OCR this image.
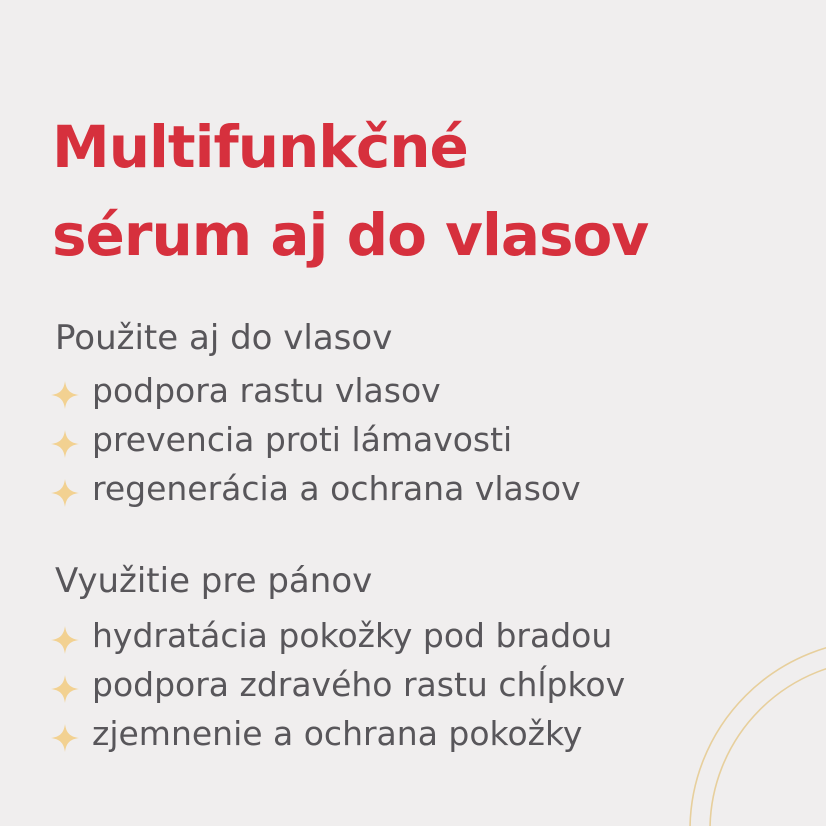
Multifunkčné
sérum aj do vlasov
Použite aj do vlasov
podpora rastu vlasov
prevencia proti lámavosti
regenerácia a ochrana vlasov
Využitie pre pánov
hydratácia pokožky pod bradou
podpora zdravého rastu chĺpkov
zjemnenie a ochrana pokožky
